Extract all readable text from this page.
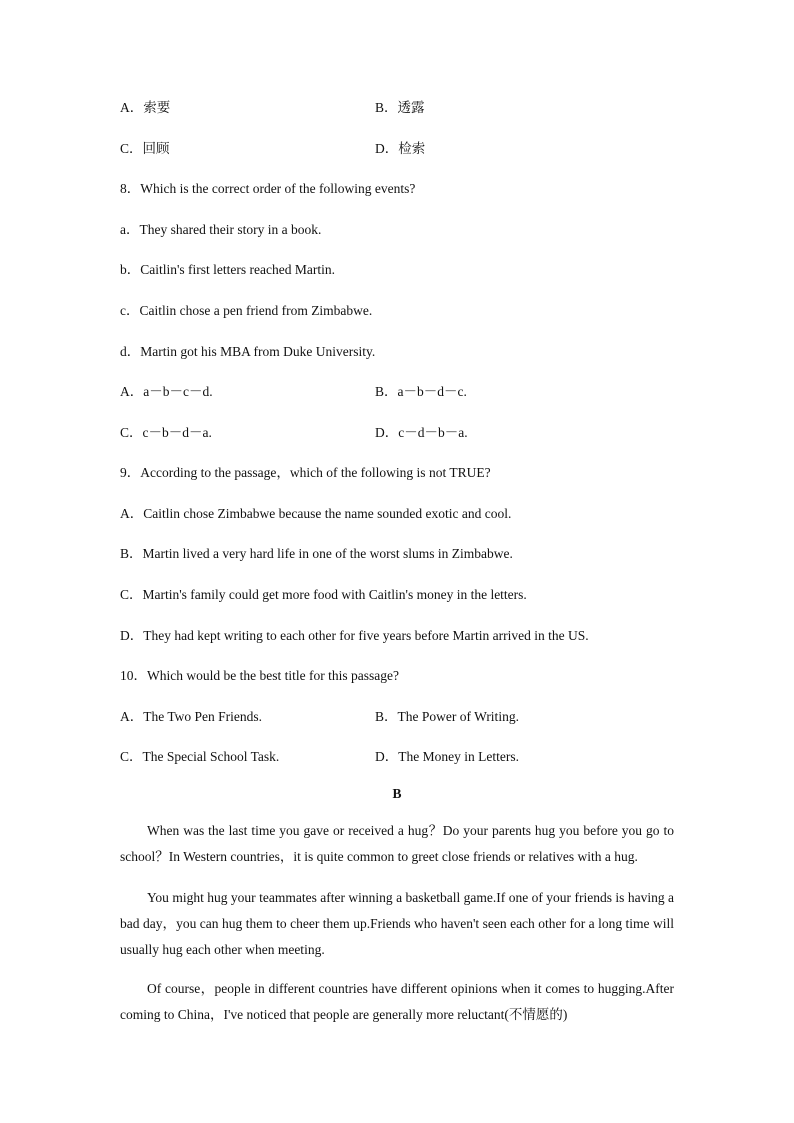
A．索要	B．透露
C．回顾	D．检索
8．Which is the correct order of the following events?
a．They shared their story in a book.
b．Caitlin's first letters reached Martin.
c．Caitlin chose a pen friend from Zimbabwe.
d．Martin got his MBA from Duke University.
A．a－b－c－d.	B．a－b－d－c.
C．c－b－d－a.	D．c－d－b－a.
9．According to the passage，which of the following is not TRUE?
A．Caitlin chose Zimbabwe because the name sounded exotic and cool.
B．Martin lived a very hard life in one of the worst slums in Zimbabwe.
C．Martin's family could get more food with Caitlin's money in the letters.
D．They had kept writing to each other for five years before Martin arrived in the US.
10．Which would be the best title for this passage?
A．The Two Pen Friends.	B．The Power of Writing.
C．The Special School Task.	D．The Money in Letters.
B
When was the last time you gave or received a hug？Do your parents hug you before you go to school？In Western countries，it is quite common to greet close friends or relatives with a hug.
You might hug your teammates after winning a basketball game.If one of your friends is having a bad day，you can hug them to cheer them up.Friends who haven't seen each other for a long time will usually hug each other when meeting.
Of course，people in different countries have different opinions when it comes to hugging.After coming to China，I've noticed that people are generally more reluctant(不情愿的)
